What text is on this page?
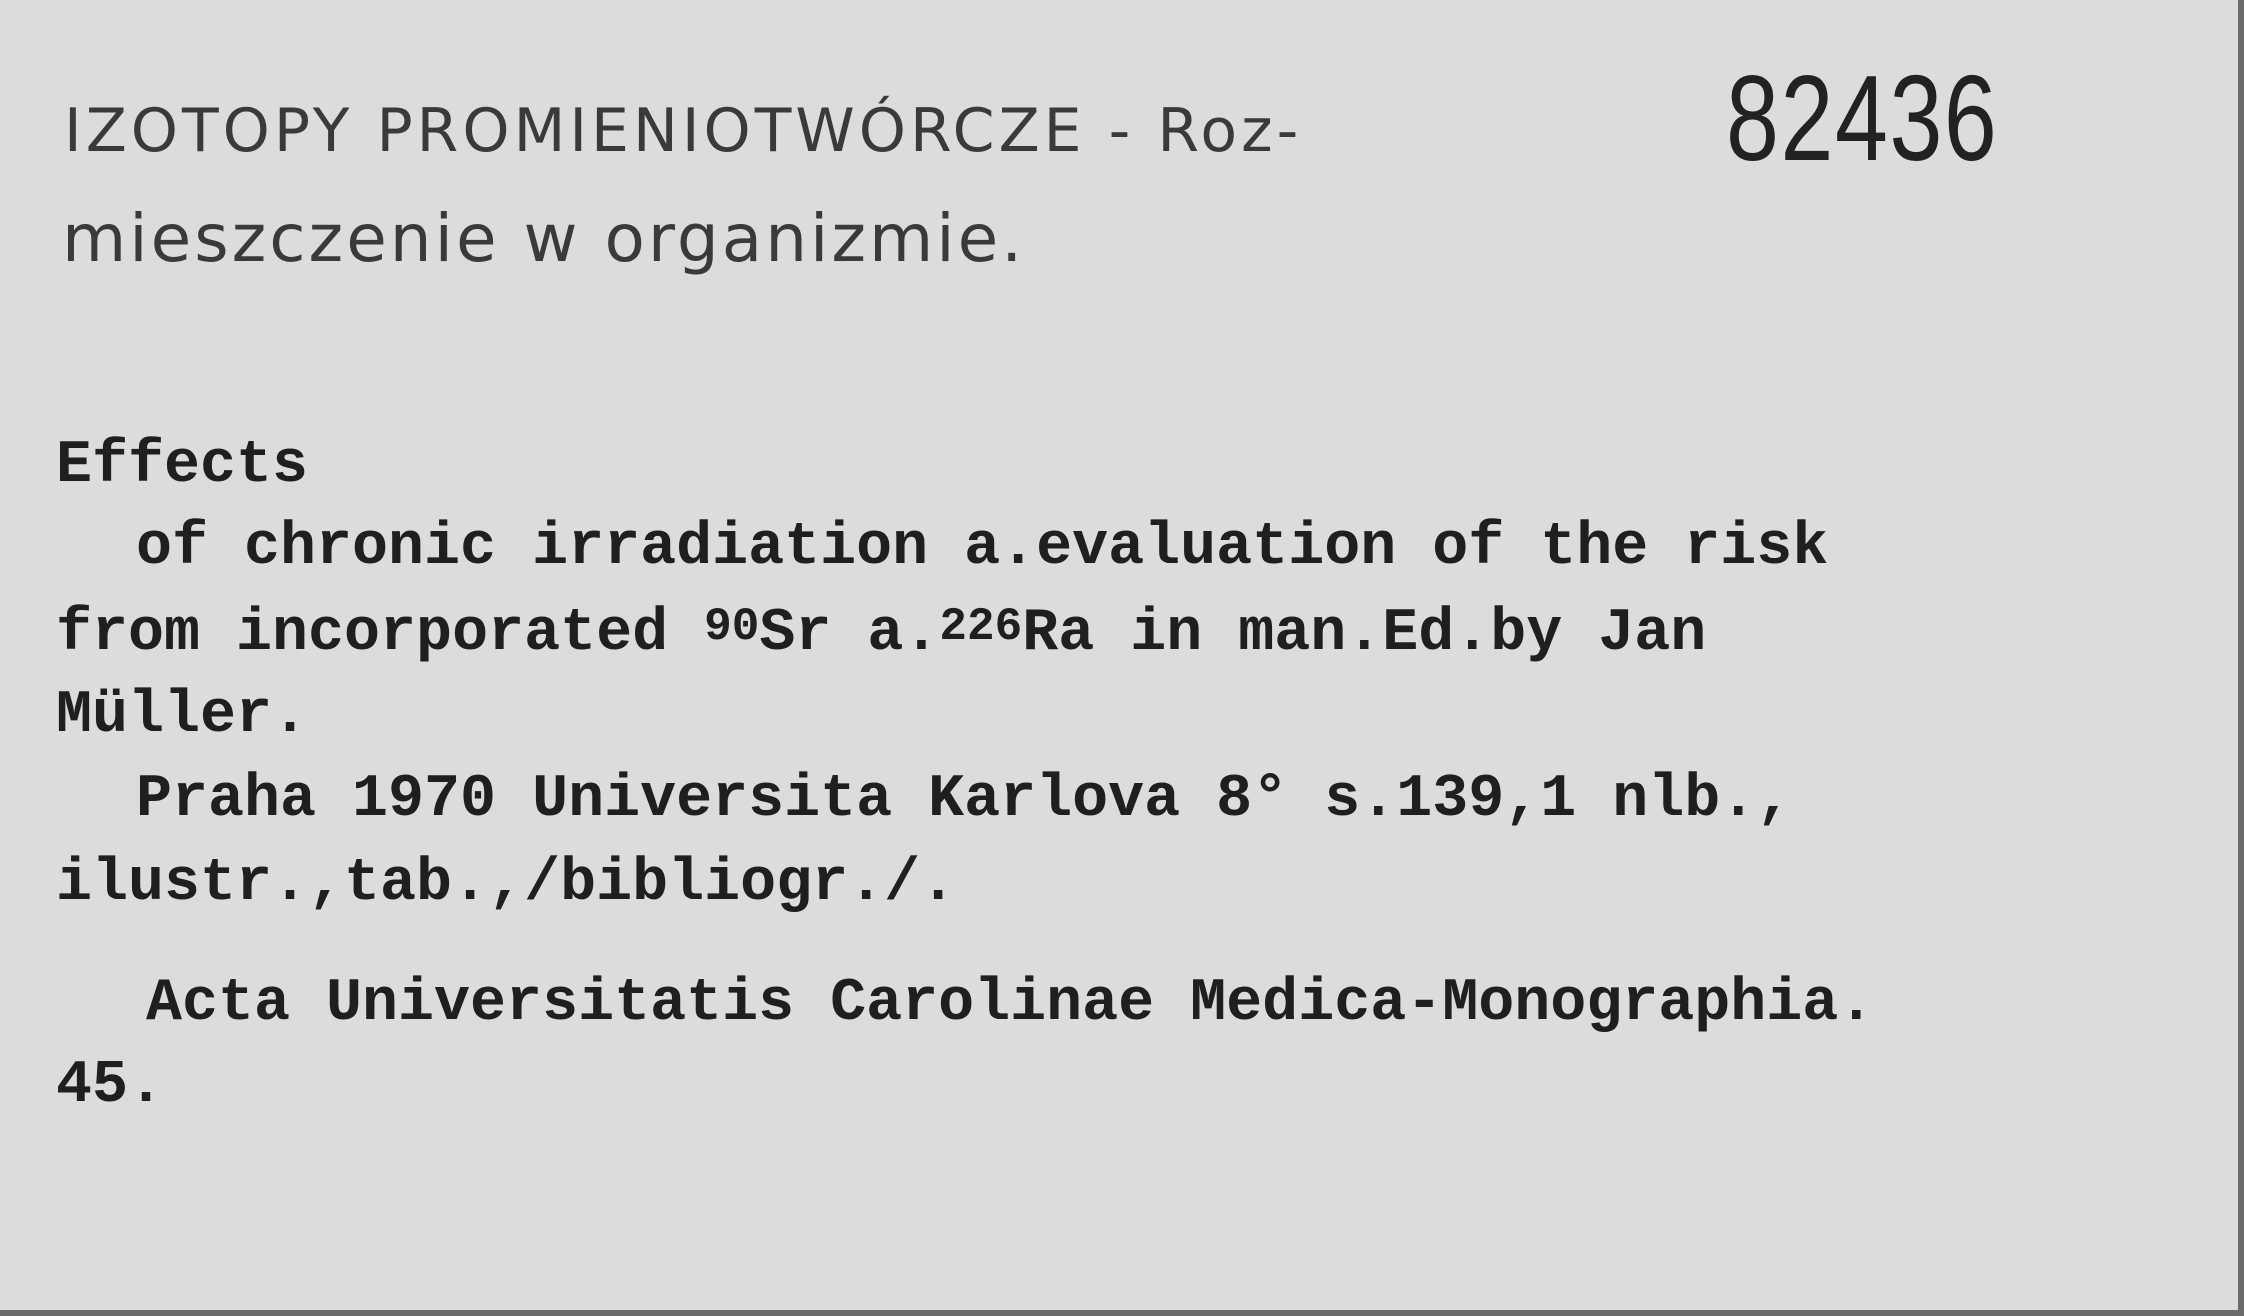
IZOTOPY PROMIENIOTWÓRCZE - Roz-	82436
mieszczenie w organizmie.
Effects
of chronic irradiation a.evaluation of the risk
from incorporated $^{90}$Sr a.$^{226}$Ra in man.Ed.by Jan
Müller.
Praha 1970 Universita Karlova 8° s.139,1 nlb.,
ilustr.,tab.,/bibliogr./.
Acta Universitatis Carolinae Medica-Monographia.
45.
